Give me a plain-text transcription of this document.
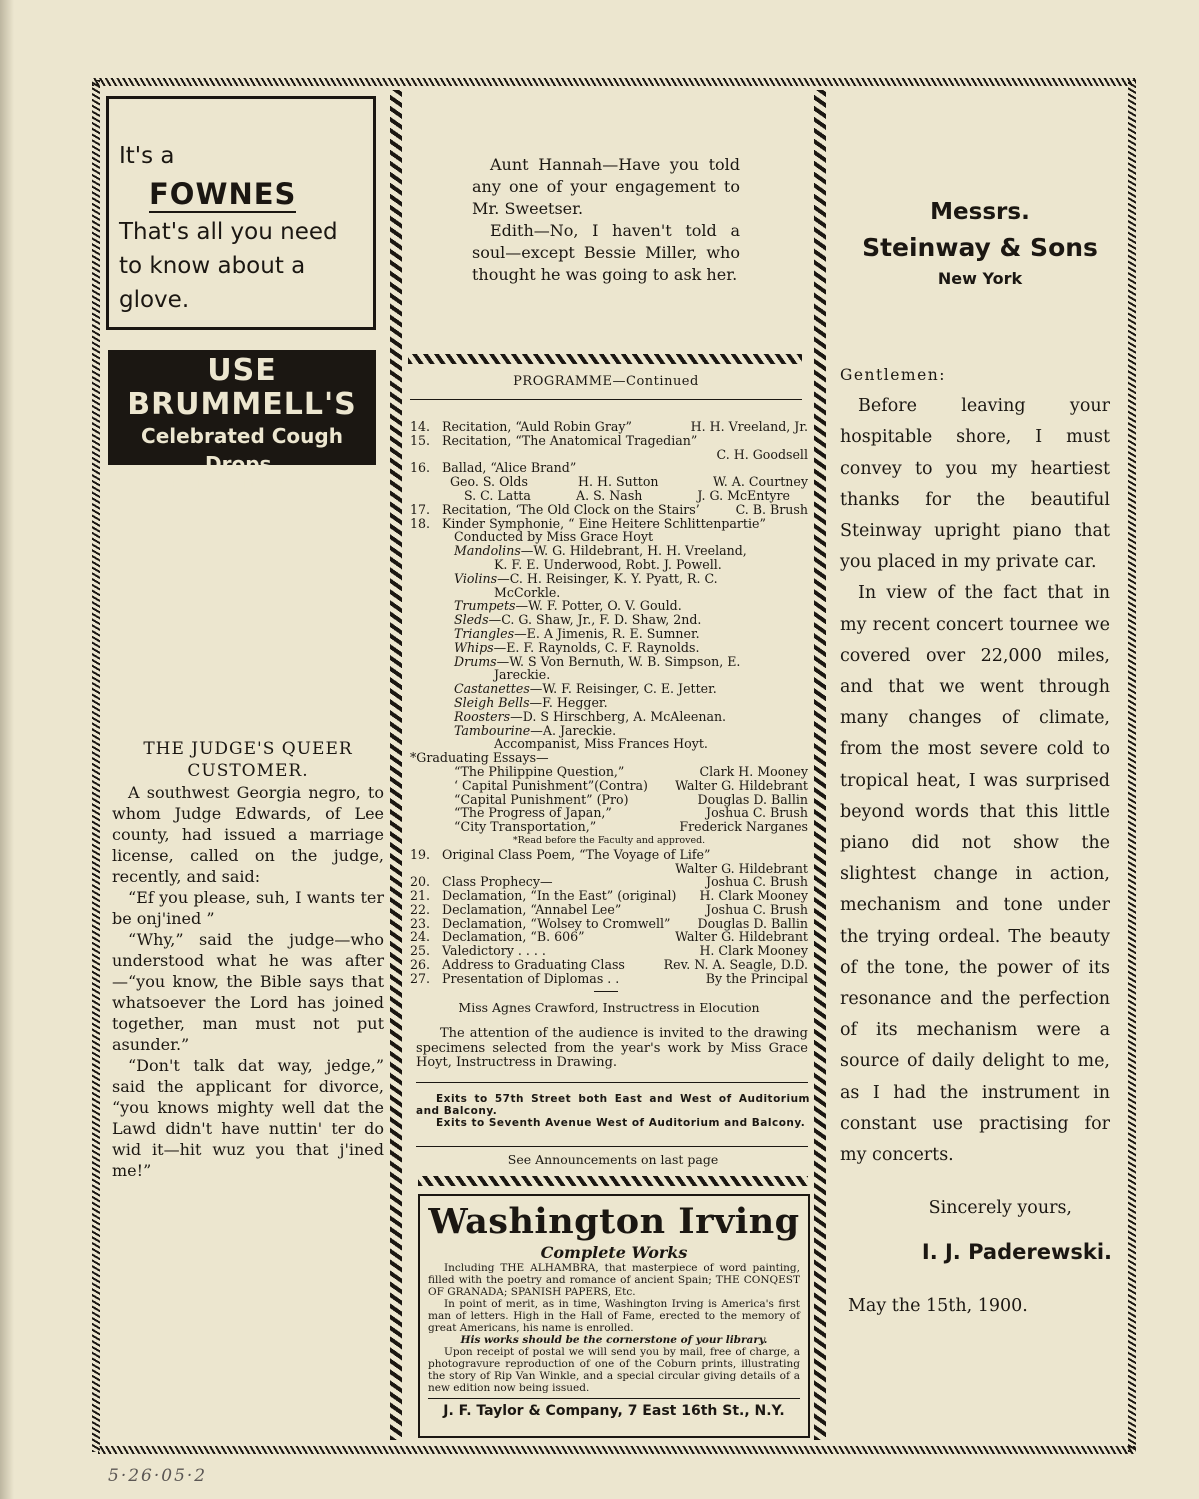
It's a
FOWNES
That's all you need to know about a glove.
USE BRUMMELL'S
Celebrated Cough Drops,
SURE CURE for all throat troubles.
Keep a box of them in the house.
Sold Everywhere.
THE JUDGE'S QUEER CUSTOMER.

A southwest Georgia negro, to whom Judge Edwards, of Lee county, had issued a marriage license, called on the judge, recently, and said:

“Ef you please, suh, I wants ter be onj'ined ”

“Why,” said the judge—who understood what he was after—“you know, the Bible says that whatsoever the Lord has joined together, man must not put asunder.”

“Don't talk dat way, jedge,” said the applicant for divorce, “you knows mighty well dat the Lawd didn't have nuttin' ter do wid it—hit wuz you that j'ined me!”

Aunt Hannah—Have you told any one of your engagement to Mr. Sweetser.

Edith—No, I haven't told a soul—except Bessie Miller, who thought he was going to ask her.

PROGRAMME—Continued
14. Recitation, “Auld Robin Gray”	H. H. Vreeland, Jr.
15. Recitation, “The Anatomical Tragedian”
C. H. Goodsell
16. Ballad, “Alice Brand”
Geo. S. Olds	H. H. Sutton	W. A. Courtney
S. C. Latta	A. S. Nash	J. G. McEntyre
17. Recitation, ‘The Old Clock on the Stairs’	C. B. Brush
18. Kinder Symphonie, “ Eine Heitere Schlittenpartie”
Conducted by Miss Grace Hoyt
Mandolins —W. G. Hildebrant, H. H. Vreeland,
K. F. E. Underwood, Robt. J. Powell.
Violins —C. H. Reisinger, K. Y. Pyatt, R. C.
McCorkle.
Trumpets —W. F. Potter, O. V. Gould.
Sleds —C. G. Shaw, Jr., F. D. Shaw, 2nd.
Triangles —E. A Jimenis, R. E. Sumner.
Whips —E. F. Raynolds, C. F. Raynolds.
Drums —W. S Von Bernuth, W. B. Simpson, E.
Jareckie.
Castanettes —W. F. Reisinger, C. E. Jetter.
Sleigh Bells —F. Hegger.
Roosters —D. S Hirschberg, A. McAleenan.
Tambourine —A. Jareckie.
Accompanist, Miss Frances Hoyt.
*Graduating Essays—
“The Philippine Question,”	Clark H. Mooney
‘ Capital Punishment”(Contra)	Walter G. Hildebrant
“Capital Punishment” (Pro)	Douglas D. Ballin
“The Progress of Japan,”	Joshua C. Brush
“City Transportation,”	Frederick Narganes
*Read before the Faculty and approved.
19. Original Class Poem, “The Voyage of Life”
Walter G. Hildebrant
20. Class Prophecy—	Joshua C. Brush
21. Declamation, “In the East” (original)	H. Clark Mooney
22. Declamation, “Annabel Lee”	Joshua C. Brush
23. Declamation, “Wolsey to Cromwell”	Douglas D. Ballin
24. Declamation, “B. 606”	Walter G. Hildebrant
25. Valedictory . . . .	H. Clark Mooney
26. Address to Graduating Class	Rev. N. A. Seagle, D.D.
27. Presentation of Diplomas . .	By the Principal
Miss Agnes Crawford, Instructress in Elocution
The attention of the audience is invited to the drawing specimens selected from the year's work by Miss Grace Hoyt, Instructress in Drawing.

Exits to 57th Street both East and West of Auditorium and Balcony.

Exits to Seventh Avenue West of Auditorium and Balcony.

See Announcements on last page
Washington Irving
Complete Works

Including THE ALHAMBRA, that masterpiece of word painting, filled with the poetry and romance of ancient Spain; THE CONQEST OF GRANADA; SPANISH PAPERS, Etc.

In point of merit, as in time, Washington Irving is America's first man of letters. High in the Hall of Fame, erected to the memory of great Americans, his name is enrolled.

His works should be the cornerstone of your library.

Upon receipt of postal we will send you by mail, free of charge, a photogravure reproduction of one of the Coburn prints, illustrating the story of Rip Van Winkle, and a special circular giving details of a new edition now being issued.

J. F. Taylor & Company, 7 East 16th St., N.Y.
Messrs.
Steinway & Sons
New York
Gentlemen:

Before leaving your hospitable shore, I must convey to you my heartiest thanks for the beautiful Steinway upright piano that you placed in my private car.

In view of the fact that in my recent concert tournee we covered over 22,000 miles, and that we went through many changes of climate, from the most severe cold to tropical heat, I was surprised beyond words that this little piano did not show the slightest change in action, mechanism and tone under the trying ordeal. The beauty of the tone, the power of its resonance and the perfection of its mechanism were a source of daily delight to me, as I had the instrument in constant use practising for my concerts.

Sincerely yours,
I. J. Paderewski.
May the 15th, 1900.
5·26·05·2
